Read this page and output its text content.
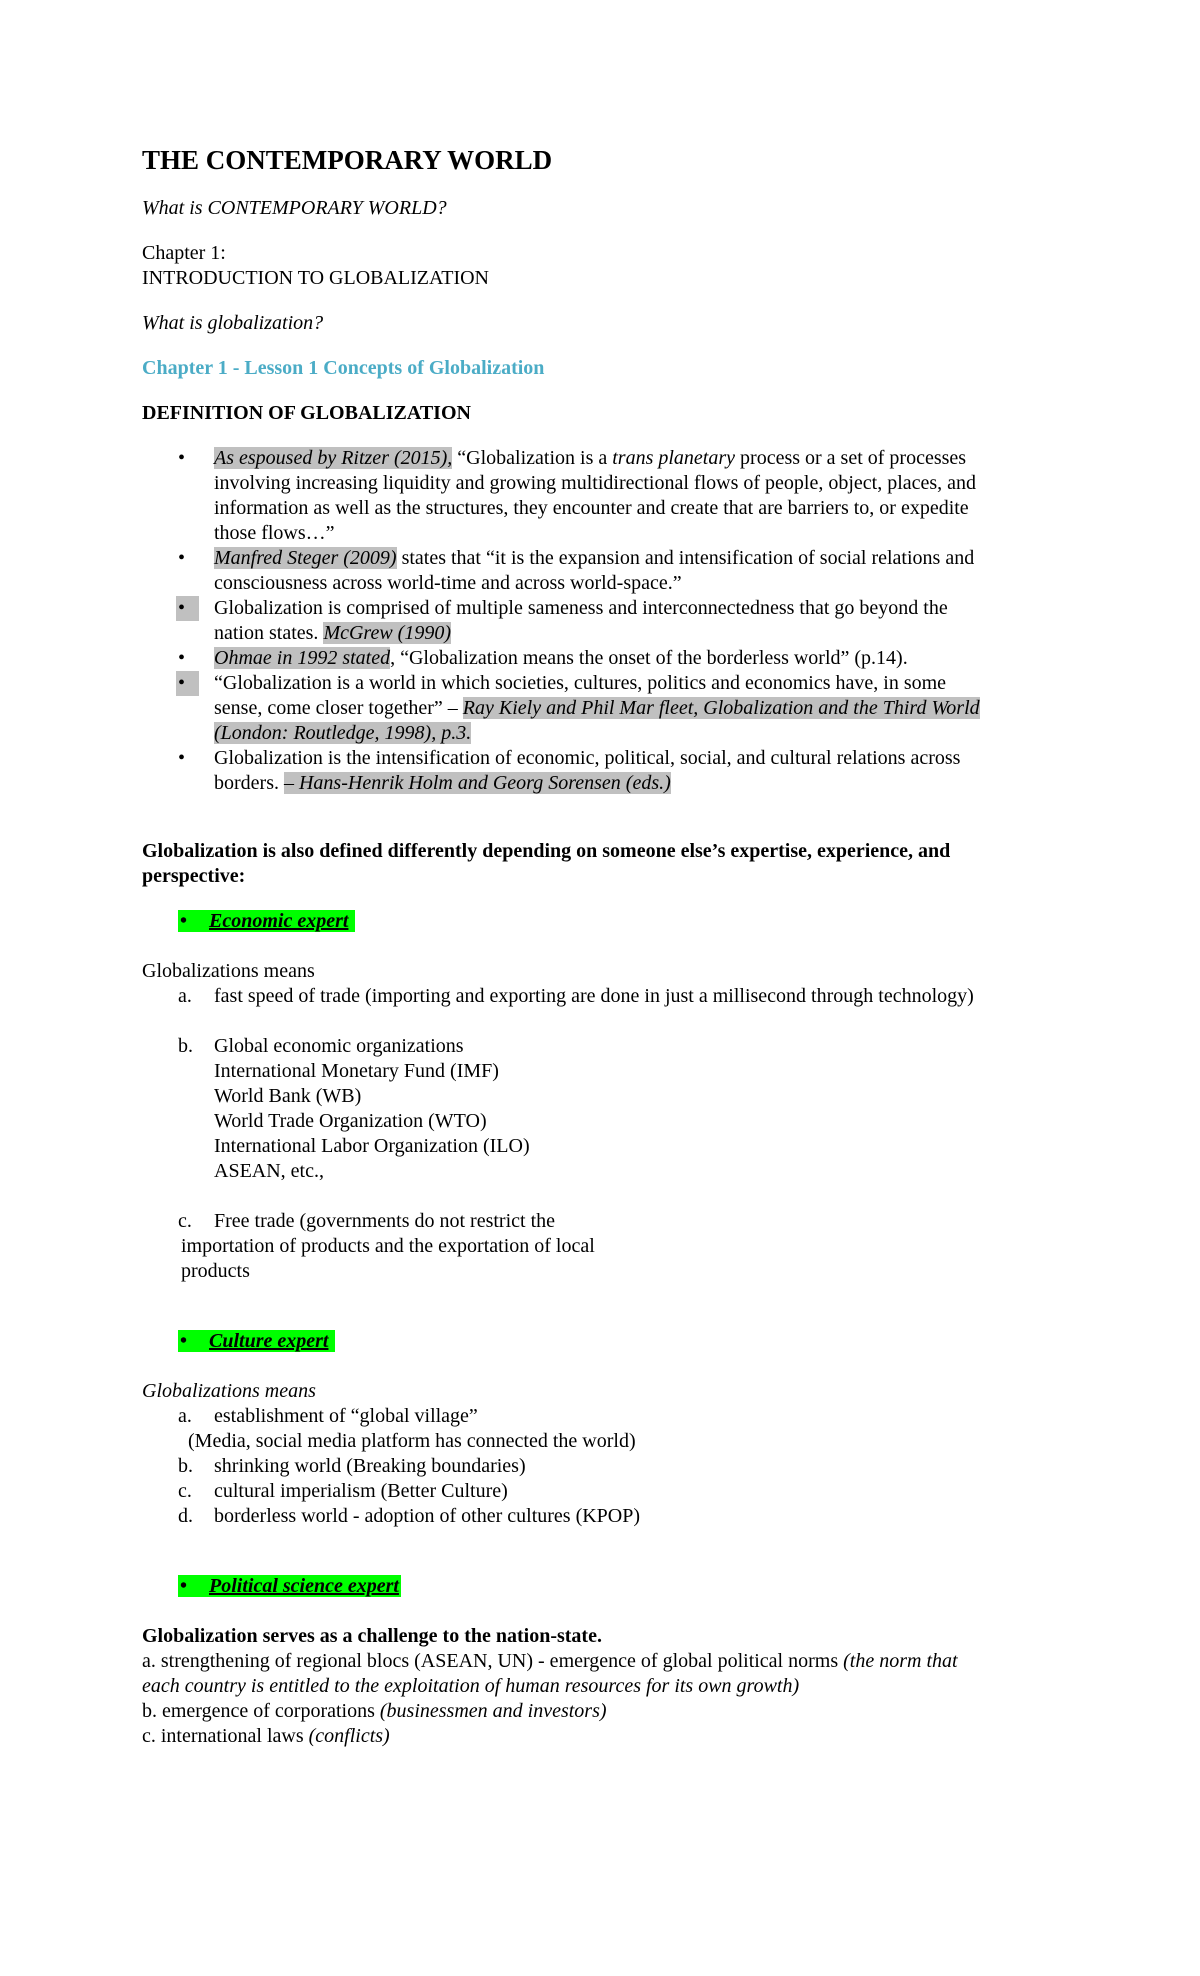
THE CONTEMPORARY WORLD
What is CONTEMPORARY WORLD?
Chapter 1:
INTRODUCTION TO GLOBALIZATION
What is globalization?
Chapter 1 - Lesson 1 Concepts of Globalization
DEFINITION OF GLOBALIZATION
• As espoused by Ritzer (2015), “Globalization is a trans planetary process or a set of processes
involving increasing liquidity and growing multidirectional flows of people, object, places, and
information as well as the structures, they encounter and create that are barriers to, or expedite
those flows…”
• Manfred Steger (2009) states that “it is the expansion and intensification of social relations and
consciousness across world-time and across world-space.”
•	Globalization is comprised of multiple sameness and interconnectedness that go beyond the
nation states. McGrew (1990)
• Ohmae in 1992 stated, “Globalization means the onset of the borderless world” (p.14).
•	“Globalization is a world in which societies, cultures, politics and economics have, in some
sense, come closer together” – Ray Kiely and Phil Mar fleet, Globalization and the Third World
(London: Routledge, 1998), p.3.
• Globalization is the intensification of economic, political, social, and cultural relations across
borders. – Hans-Henrik Holm and Georg Sorensen (eds.)
Globalization is also defined differently depending on someone else’s expertise, experience, and
perspective:
• Economic expert
Globalizations means
a. fast speed of trade (importing and exporting are done in just a millisecond through technology)
b. Global economic organizations
International Monetary Fund (IMF)
World Bank (WB)
World Trade Organization (WTO)
International Labor Organization (ILO)
ASEAN, etc.,
c. Free trade (governments do not restrict the
importation of products and the exportation of local
products
• Culture expert
Globalizations means
a. establishment of “global village”
(Media, social media platform has connected the world)
b. shrinking world (Breaking boundaries)
c. cultural imperialism (Better Culture)
d. borderless world - adoption of other cultures (KPOP)
• Political science expert
Globalization serves as a challenge to the nation-state.
a. strengthening of regional blocs (ASEAN, UN) - emergence of global political norms (the norm that
each country is entitled to the exploitation of human resources for its own growth)
b. emergence of corporations (businessmen and investors)
c. international laws (conflicts)
